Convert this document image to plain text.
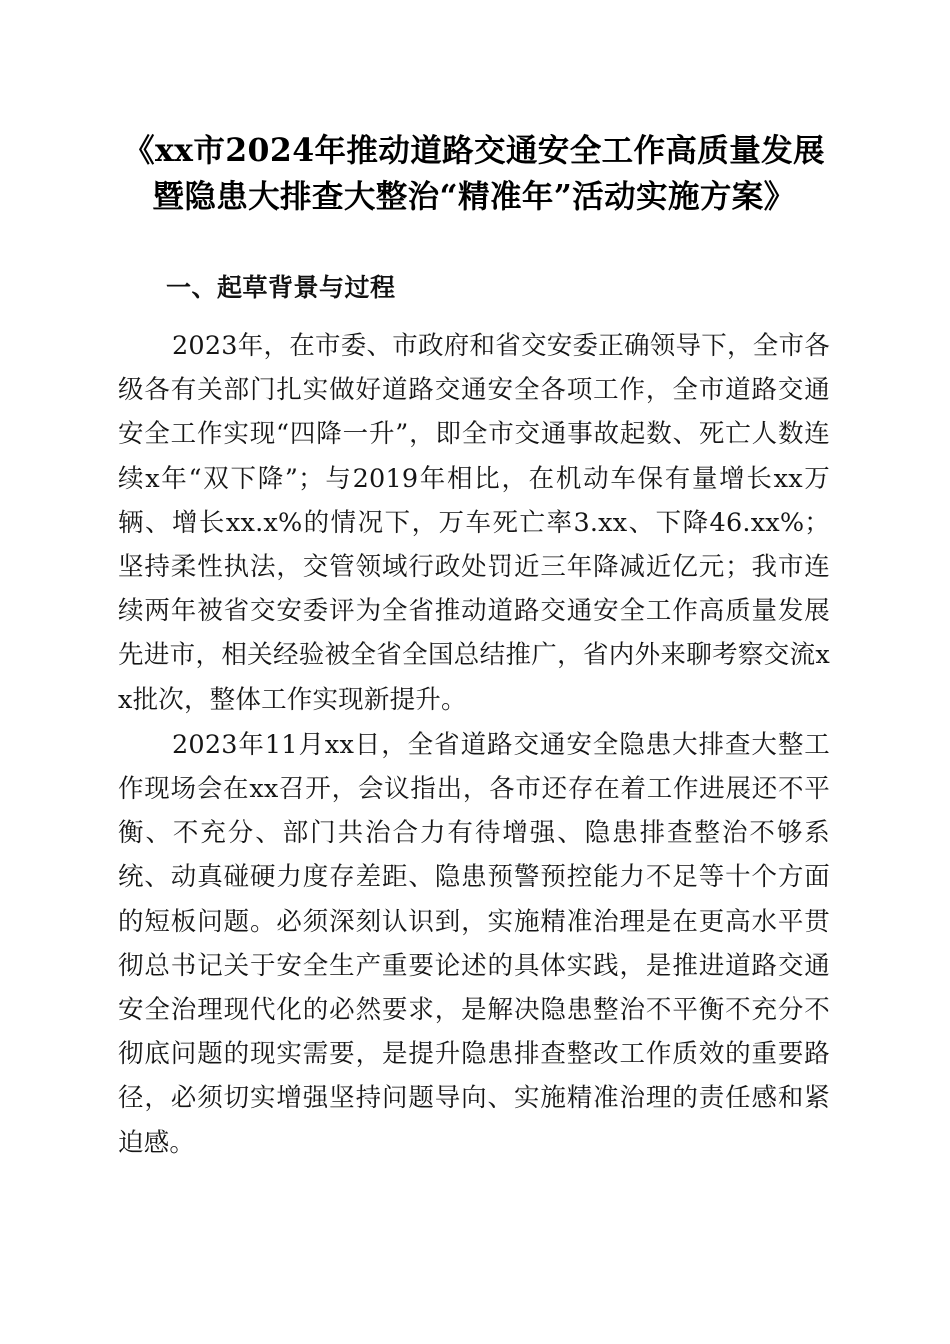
《xx市2024年推动道路交通安全工作高质量发展暨隐患大排查大整治“精准年”活动实施方案》
一、起草背景与过程

2023年，在市委、市政府和省交安委正确领导下，全市各级各有关部门扎实做好道路交通安全各项工作，全市道路交通安全工作实现“四降一升”，即全市交通事故起数、死亡人数连续x年“双下降”；与2019年相比，在机动车保有量增长xx万辆、增长xx.x%的情况下，万车死亡率3.xx、下降46.xx%；坚持柔性执法，交管领域行政处罚近三年降减近亿元；我市连续两年被省交安委评为全省推动道路交通安全工作高质量发展先进市，相关经验被全省全国总结推广，省内外来聊考察交流xx批次，整体工作实现新提升。

2023年11月xx日，全省道路交通安全隐患大排查大整工作现场会在xx召开，会议指出，各市还存在着工作进展还不平衡、不充分、部门共治合力有待增强、隐患排查整治不够系统、动真碰硬力度存差距、隐患预警预控能力不足等十个方面的短板问题。必须深刻认识到，实施精准治理是在更高水平贯彻总书记关于安全生产重要论述的具体实践，是推进道路交通安全治理现代化的必然要求，是解决隐患整治不平衡不充分不彻底问题的现实需要，是提升隐患排查整改工作质效的重要路径，必须切实增强坚持问题导向、实施精准治理的责任感和紧迫感。
